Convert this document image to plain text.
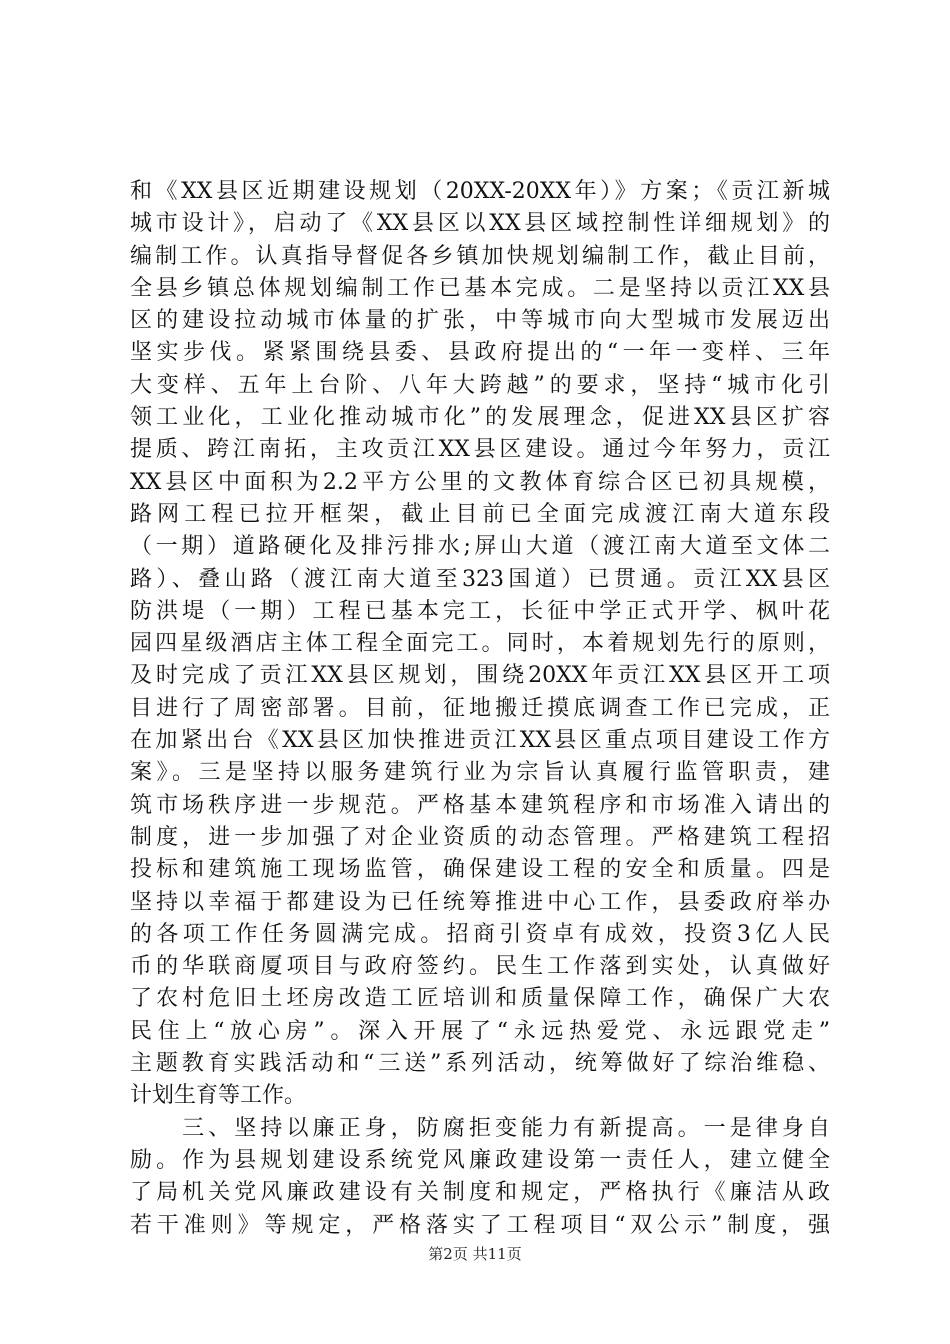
和《XX县区近期建设规划（20XX-20XX年）》方案；《贡江新城
城市设计》，启动了《XX县区以XX县区域控制性详细规划》的
编制工作。认真指导督促各乡镇加快规划编制工作，截止目前，
全县乡镇总体规划编制工作已基本完成。二是坚持以贡江XX县
区的建设拉动城市体量的扩张，中等城市向大型城市发展迈出
坚实步伐。紧紧围绕县委、县政府提出的“一年一变样、三年
大变样、五年上台阶、八年大跨越”的要求，坚持“城市化引
领工业化，工业化推动城市化”的发展理念，促进XX县区扩容
提质、跨江南拓，主攻贡江XX县区建设。通过今年努力，贡江
XX县区中面积为2.2平方公里的文教体育综合区已初具规模，
路网工程已拉开框架，截止目前已全面完成渡江南大道东段
（一期）道路硬化及排污排水;屏山大道（渡江南大道至文体二
路）、叠山路（渡江南大道至323国道）已贯通。贡江XX县区
防洪堤（一期）工程已基本完工，长征中学正式开学、枫叶花
园四星级酒店主体工程全面完工。同时，本着规划先行的原则，
及时完成了贡江XX县区规划，围绕20XX年贡江XX县区开工项
目进行了周密部署。目前，征地搬迁摸底调查工作已完成，正
在加紧出台《XX县区加快推进贡江XX县区重点项目建设工作方
案》。三是坚持以服务建筑行业为宗旨认真履行监管职责，建
筑市场秩序进一步规范。严格基本建筑程序和市场准入请出的
制度，进一步加强了对企业资质的动态管理。严格建筑工程招
投标和建筑施工现场监管，确保建设工程的安全和质量。四是
坚持以幸福于都建设为已任统筹推进中心工作，县委政府举办
的各项工作任务圆满完成。招商引资卓有成效，投资3亿人民
币的华联商厦项目与政府签约。民生工作落到实处，认真做好
了农村危旧土坯房改造工匠培训和质量保障工作，确保广大农
民住上“放心房”。深入开展了“永远热爱党、永远跟党走”
主题教育实践活动和“三送”系列活动，统筹做好了综治维稳、
计划生育等工作。
　　三、坚持以廉正身，防腐拒变能力有新提高。一是律身自
励。作为县规划建设系统党风廉政建设第一责任人，建立健全
了局机关党风廉政建设有关制度和规定，严格执行《廉洁从政
若干准则》等规定，严格落实了工程项目“双公示”制度，强
第2页 共11页
